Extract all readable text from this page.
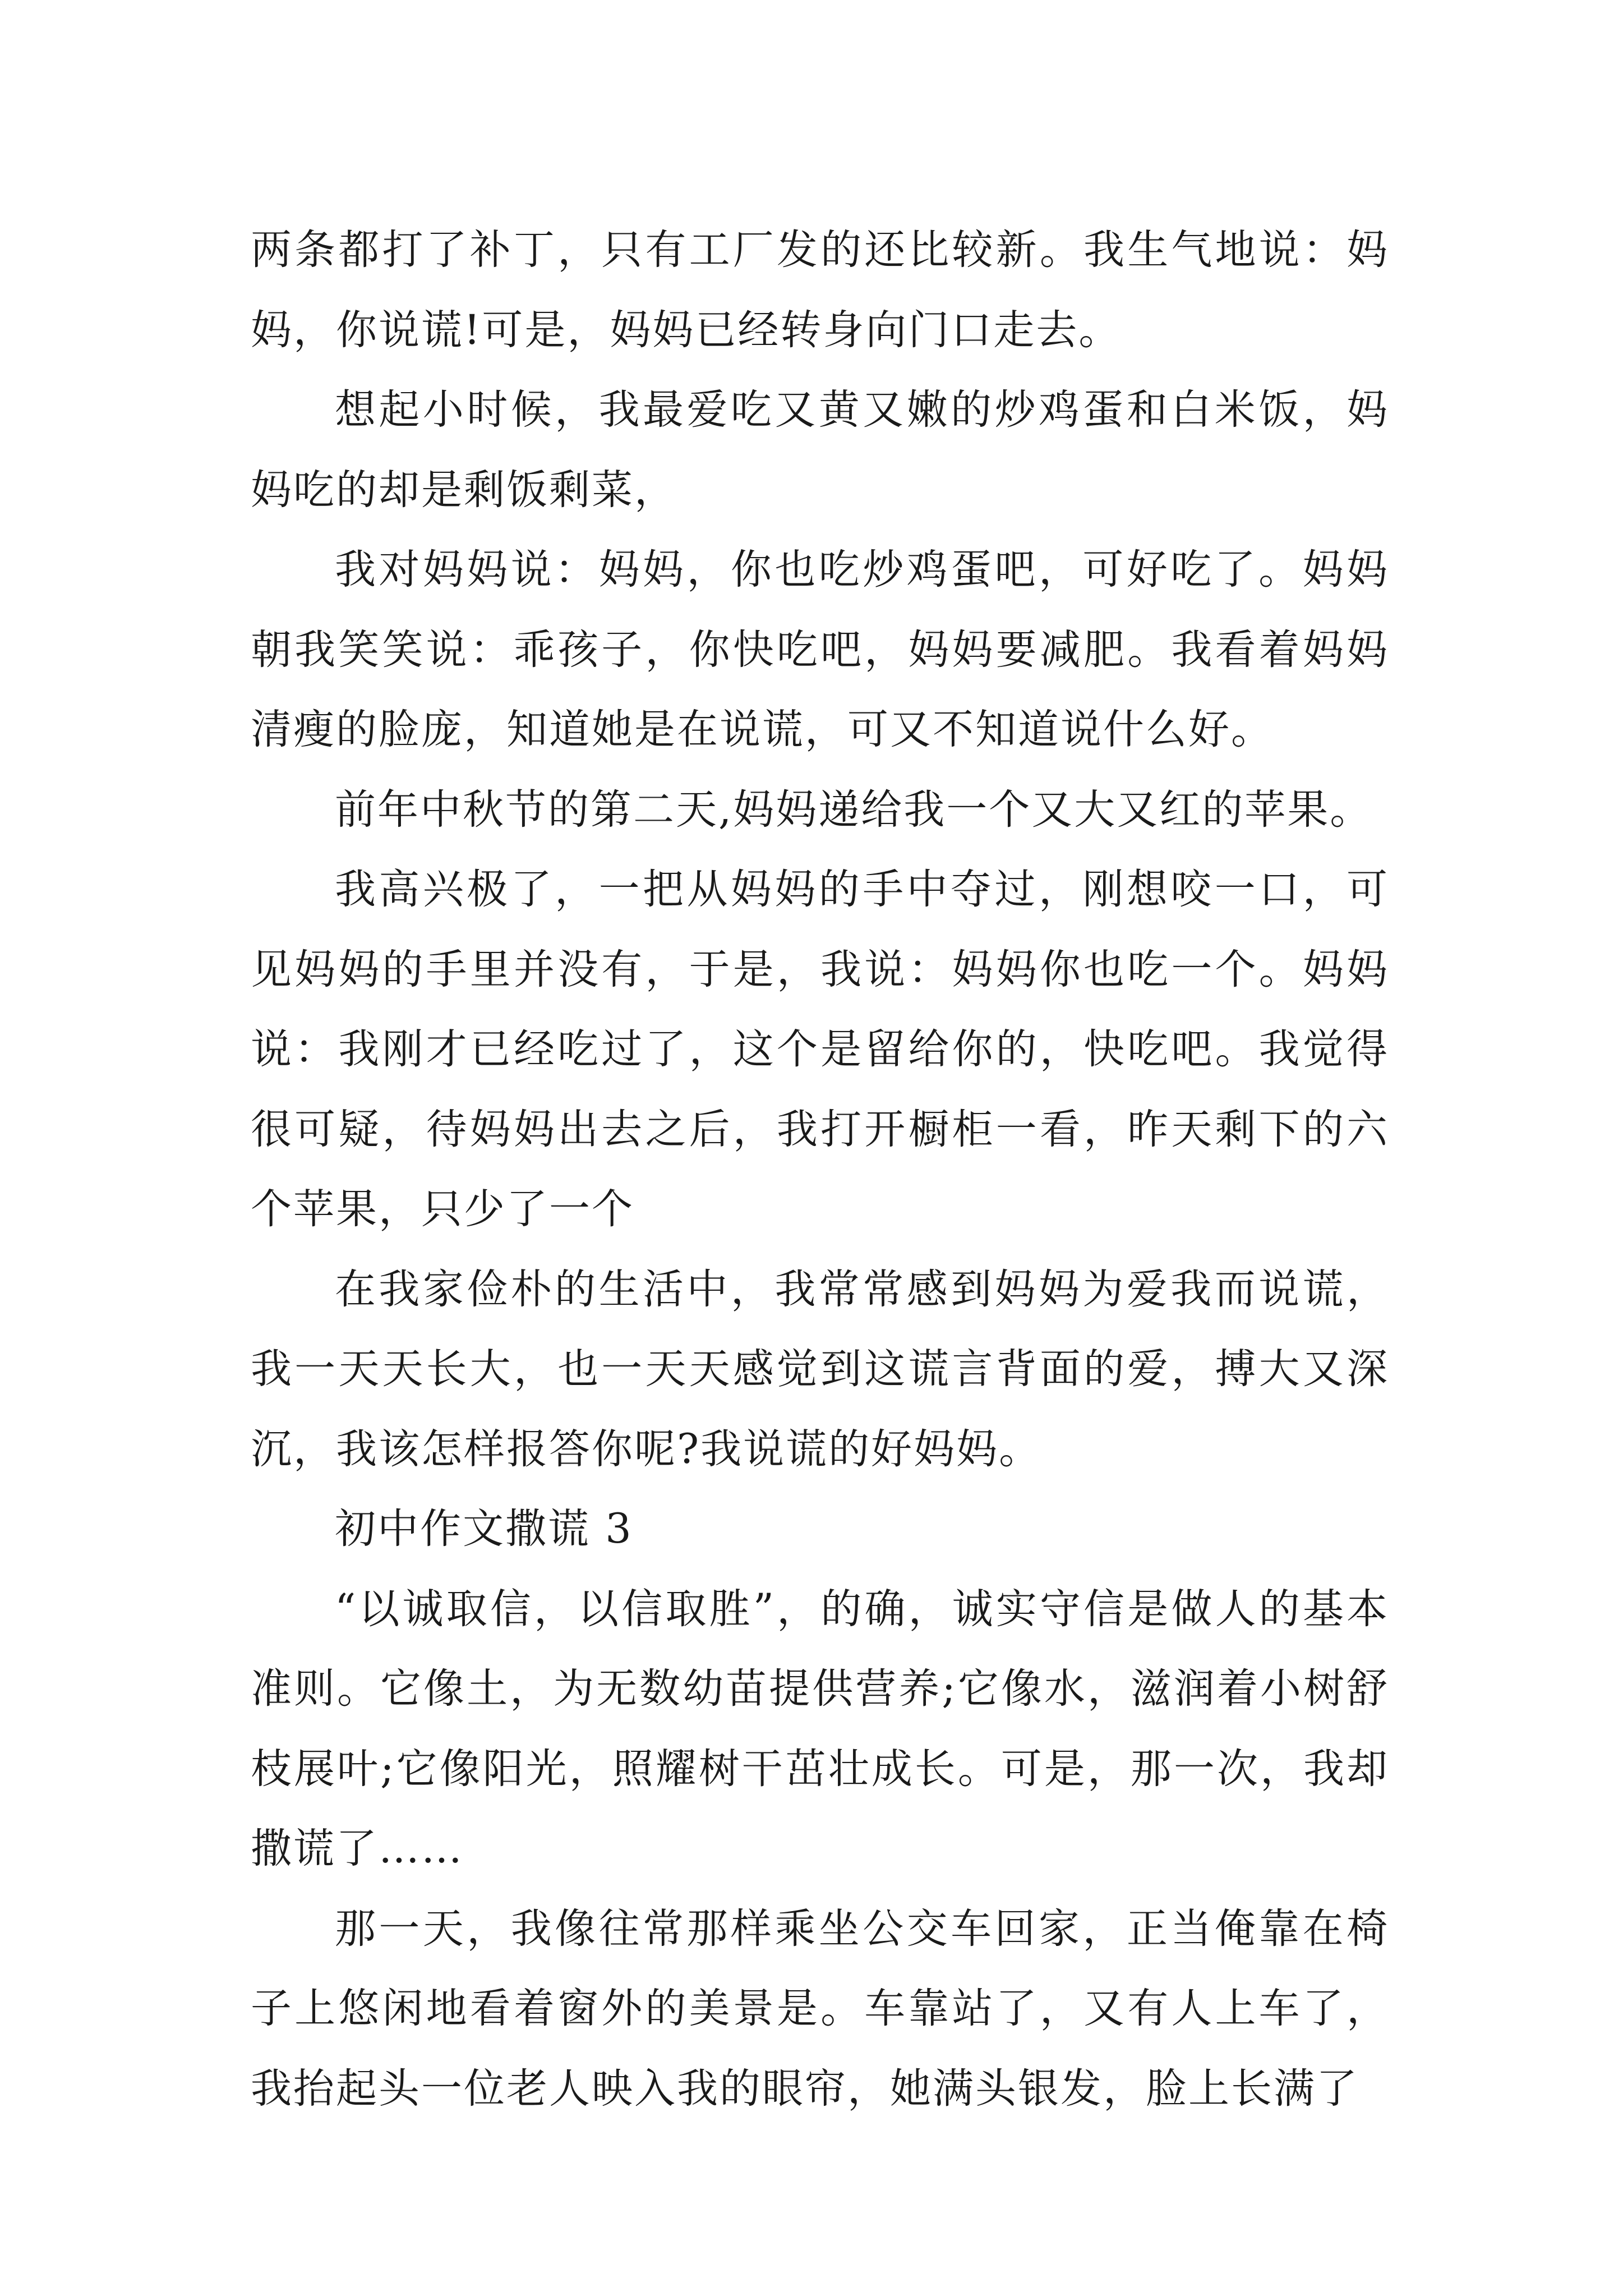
两条都打了补丁，只有工厂发的还比较新。我生气地说：妈妈，你说谎!可是，妈妈已经转身向门口走去。

想起小时候，我最爱吃又黄又嫩的炒鸡蛋和白米饭，妈妈吃的却是剩饭剩菜，

我对妈妈说：妈妈，你也吃炒鸡蛋吧，可好吃了。妈妈朝我笑笑说：乖孩子，你快吃吧，妈妈要减肥。我看着妈妈清瘦的脸庞，知道她是在说谎，可又不知道说什么好。

前年中秋节的第二天,妈妈递给我一个又大又红的苹果。

我高兴极了，一把从妈妈的手中夺过，刚想咬一口，可见妈妈的手里并没有，于是，我说：妈妈你也吃一个。妈妈说：我刚才已经吃过了，这个是留给你的，快吃吧。我觉得很可疑，待妈妈出去之后，我打开橱柜一看，昨天剩下的六个苹果，只少了一个

在我家俭朴的生活中，我常常感到妈妈为爱我而说谎，我一天天长大，也一天天感觉到这谎言背面的爱，搏大又深沉，我该怎样报答你呢?我说谎的好妈妈。

初中作文撒谎 3

“以诚取信，以信取胜”，的确，诚实守信是做人的基本准则。它像土，为无数幼苗提供营养;它像水，滋润着小树舒枝展叶;它像阳光，照耀树干茁壮成长。可是，那一次，我却撒谎了……

那一天，我像往常那样乘坐公交车回家，正当俺靠在椅子上悠闲地看着窗外的美景是。车靠站了，又有人上车了，我抬起头一位老人映入我的眼帘，她满头银发，脸上长满了
